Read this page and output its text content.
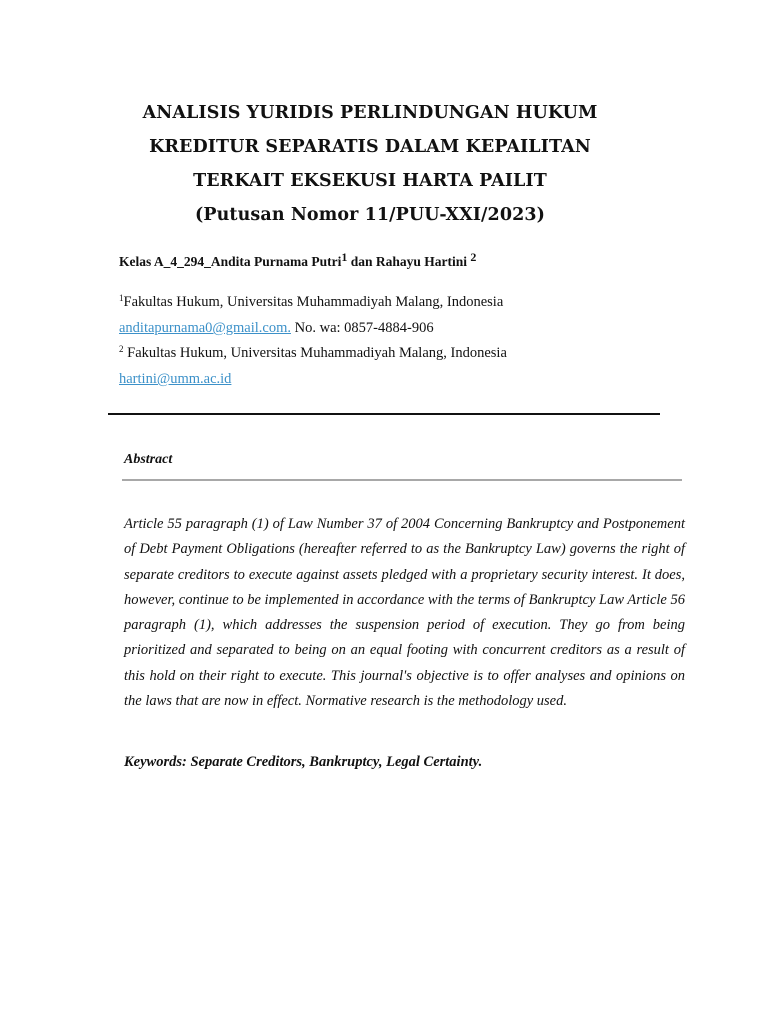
ANALISIS YURIDIS PERLINDUNGAN HUKUM
KREDITUR SEPARATIS DALAM KEPAILITAN
TERKAIT EKSEKUSI HARTA PAILIT
(Putusan Nomor 11/PUU-XXI/2023)
Kelas A_4_294_Andita Purnama Putri$^1$ dan Rahayu Hartini $^2$
$^1$Fakultas Hukum, Universitas Muhammadiyah Malang, Indonesia
anditapurnama0@gmail.com. No. wa: 0857-4884-906
$^2$ Fakultas Hukum, Universitas Muhammadiyah Malang, Indonesia
hartini@umm.ac.id
Abstract
Article 55 paragraph (1) of Law Number 37 of 2004 Concerning Bankruptcy and Postponement of Debt Payment Obligations (hereafter referred to as the Bankruptcy Law) governs the right of separate creditors to execute against assets pledged with a proprietary security interest. It does, however, continue to be implemented in accordance with the terms of Bankruptcy Law Article 56 paragraph (1), which addresses the suspension period of execution. They go from being prioritized and separated to being on an equal footing with concurrent creditors as a result of this hold on their right to execute. This journal's objective is to offer analyses and opinions on the laws that are now in effect. Normative research is the methodology used.
Keywords: Separate Creditors, Bankruptcy, Legal Certainty.
